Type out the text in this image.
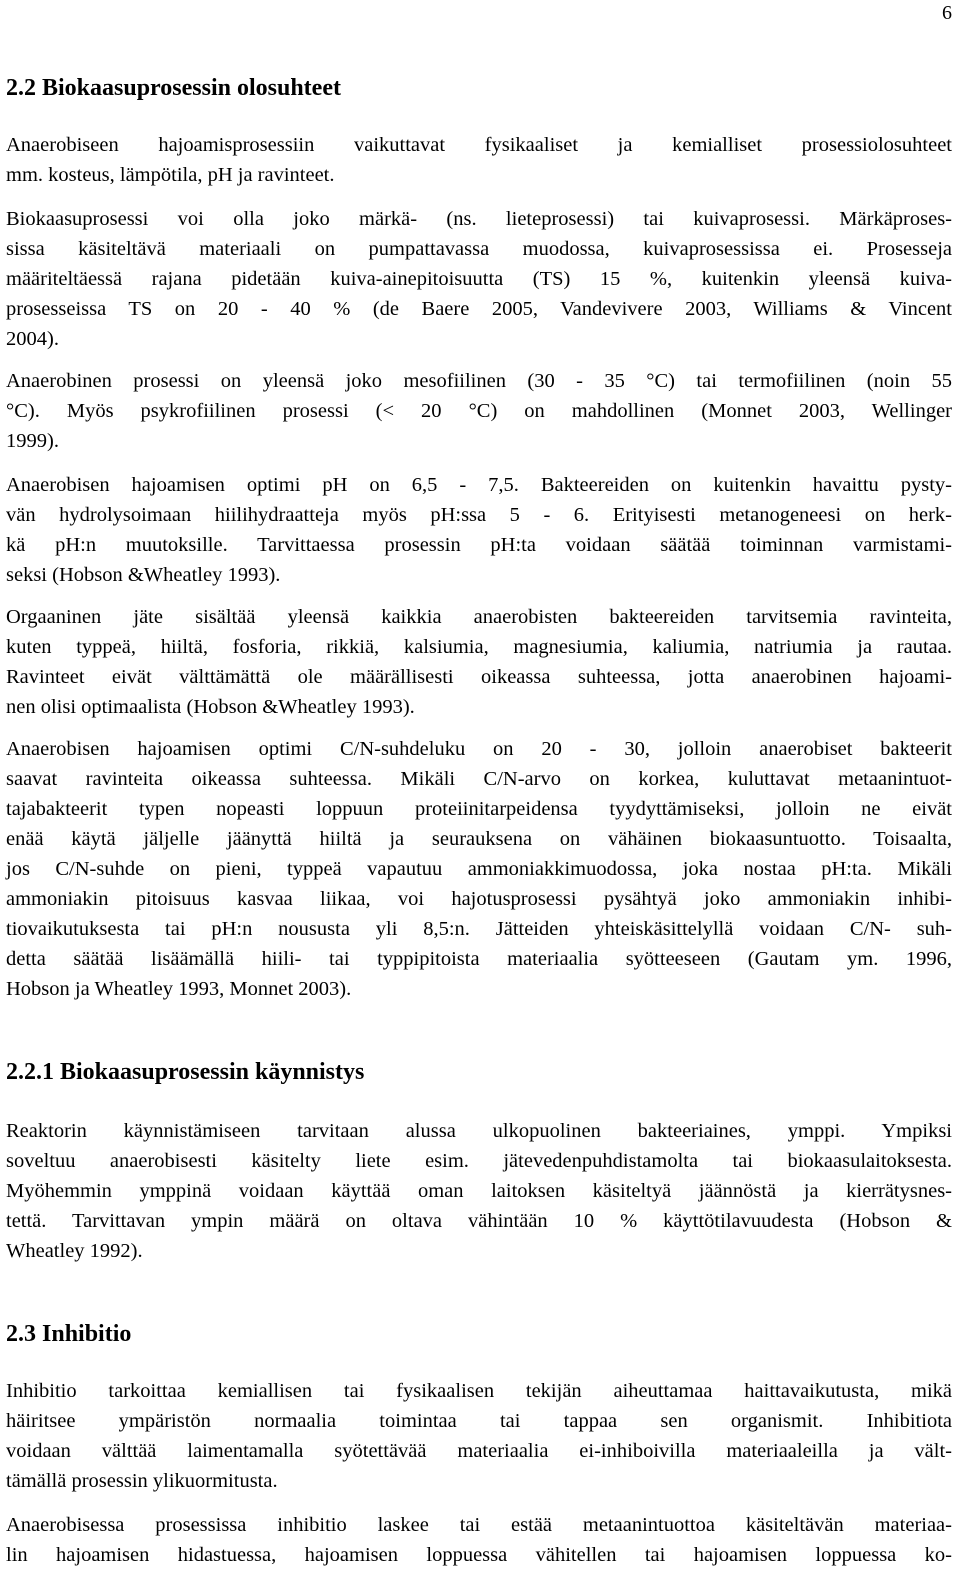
6
2.2 Biokaasuprosessin olosuhteet
Anaerobiseen hajoamisprosessiin vaikuttavat fysikaaliset ja kemialliset prosessiolosuhteet
mm. kosteus, lämpötila, pH ja ravinteet.
Biokaasuprosessi voi olla joko märkä- (ns. lieteprosessi) tai kuivaprosessi. Märkäproses-
sissa käsiteltävä materiaali on pumpattavassa muodossa, kuivaprosessissa ei. Prosesseja
määriteltäessä rajana pidetään kuiva-ainepitoisuutta (TS) 15 %, kuitenkin yleensä kuiva-
prosesseissa TS on 20 - 40 % (de Baere 2005, Vandevivere 2003, Williams & Vincent
2004).
Anaerobinen prosessi on yleensä joko mesofiilinen (30 - 35 °C) tai termofiilinen (noin 55
°C). Myös psykrofiilinen prosessi (< 20 °C) on mahdollinen (Monnet 2003, Wellinger
1999).
Anaerobisen hajoamisen optimi pH on 6,5 - 7,5. Bakteereiden on kuitenkin havaittu pysty-
vän hydrolysoimaan hiilihydraatteja myös pH:ssa 5 - 6. Erityisesti metanogeneesi on herk-
kä pH:n muutoksille. Tarvittaessa prosessin pH:ta voidaan säätää toiminnan varmistami-
seksi (Hobson &Wheatley 1993).
Orgaaninen jäte sisältää yleensä kaikkia anaerobisten bakteereiden tarvitsemia ravinteita,
kuten typpeä, hiiltä, fosforia, rikkiä, kalsiumia, magnesiumia, kaliumia, natriumia ja rautaa.
Ravinteet eivät välttämättä ole määrällisesti oikeassa suhteessa, jotta anaerobinen hajoami-
nen olisi optimaalista (Hobson &Wheatley 1993).
Anaerobisen hajoamisen optimi C/N-suhdeluku on 20 - 30, jolloin anaerobiset bakteerit
saavat ravinteita oikeassa suhteessa. Mikäli C/N-arvo on korkea, kuluttavat metaanintuot-
tajabakteerit typen nopeasti loppuun proteiinitarpeidensa tyydyttämiseksi, jolloin ne eivät
enää käytä jäljelle jäänyttä hiiltä ja seurauksena on vähäinen biokaasuntuotto. Toisaalta,
jos C/N-suhde on pieni, typpeä vapautuu ammoniakkimuodossa, joka nostaa pH:ta. Mikäli
ammoniakin pitoisuus kasvaa liikaa, voi hajotusprosessi pysähtyä joko ammoniakin inhibi-
tiovaikutuksesta tai pH:n noususta yli 8,5:n. Jätteiden yhteiskäsittelyllä voidaan C/N- suh-
detta säätää lisäämällä hiili- tai typpipitoista materiaalia syötteeseen (Gautam ym. 1996,
Hobson ja Wheatley 1993, Monnet 2003).
2.2.1 Biokaasuprosessin käynnistys
Reaktorin käynnistämiseen tarvitaan alussa ulkopuolinen bakteeriaines, ymppi. Ympiksi
soveltuu anaerobisesti käsitelty liete esim. jätevedenpuhdistamolta tai biokaasulaitoksesta.
Myöhemmin ymppinä voidaan käyttää oman laitoksen käsiteltyä jäännöstä ja kierrätysnes-
tettä. Tarvittavan ympin määrä on oltava vähintään 10 % käyttötilavuudesta (Hobson &
Wheatley 1992).
2.3 Inhibitio
Inhibitio tarkoittaa kemiallisen tai fysikaalisen tekijän aiheuttamaa haittavaikutusta, mikä
häiritsee ympäristön normaalia toimintaa tai tappaa sen organismit. Inhibitiota
voidaan välttää laimentamalla syötettävää materiaalia ei-inhiboivilla materiaaleilla ja vält-
tämällä prosessin ylikuormitusta.
Anaerobisessa prosessissa inhibitio laskee tai estää metaanintuottoa käsiteltävän materiaa-
lin hajoamisen hidastuessa, hajoamisen loppuessa vähitellen tai hajoamisen loppuessa ko-
